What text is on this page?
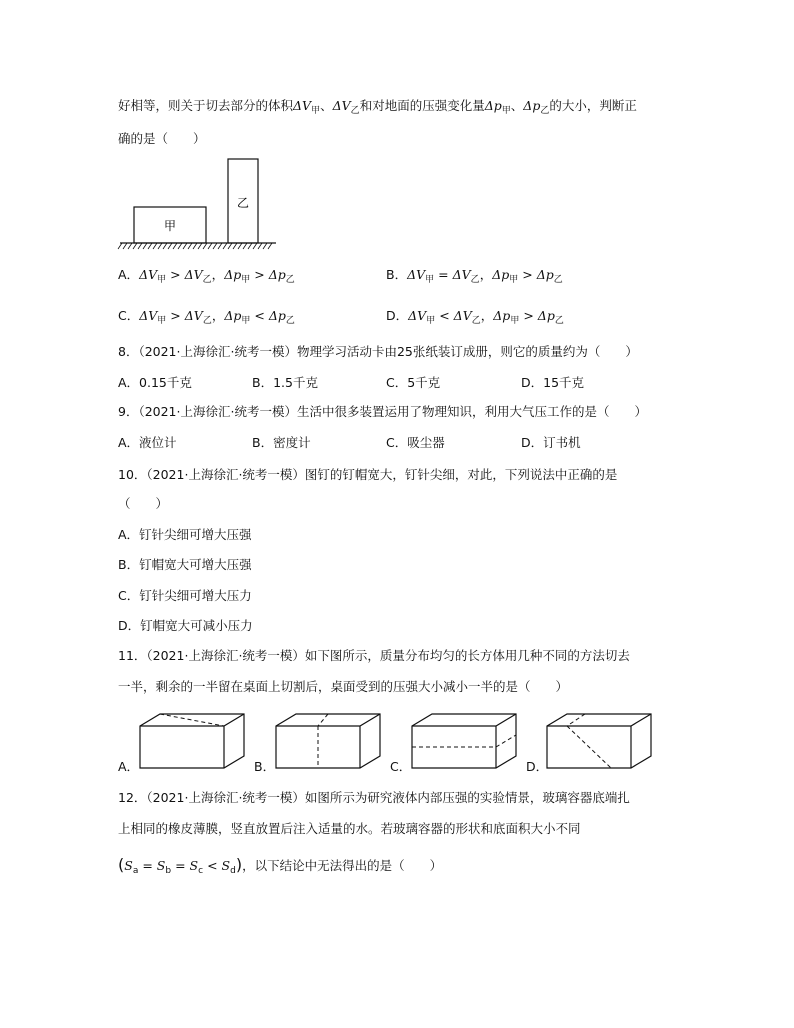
好相等，则关于切去部分的体积$\Delta V_甲$、$\Delta V_乙$和对地面的压强变化量$\Delta p_甲$、$\Delta p_乙$的大小，判断正
确的是（　　）
甲
乙
A．$\Delta V_甲 > \Delta V_乙$，$\Delta p_甲 > \Delta p_乙$	B．$\Delta V_甲 = \Delta V_乙$，$\Delta p_甲 > \Delta p_乙$
C．$\Delta V_甲 > \Delta V_乙$，$\Delta p_甲 < \Delta p_乙$	D．$\Delta V_甲 < \Delta V_乙$，$\Delta p_甲 > \Delta p_乙$
8．（2021·上海徐汇·统考一模）物理学习活动卡由25张纸装订成册，则它的质量约为（　　）
A．0.15千克	B．1.5千克	C．5千克	D．15千克
9．（2021·上海徐汇·统考一模）生活中很多装置运用了物理知识，利用大气压工作的是（　　）
A．液位计	B．密度计	C．吸尘器	D．订书机
10．（2021·上海徐汇·统考一模）图钉的钉帽宽大，钉针尖细，对此，下列说法中正确的是
（　　）
A．钉针尖细可增大压强
B．钉帽宽大可增大压强
C．钉针尖细可增大压力
D．钉帽宽大可减小压力
11．（2021·上海徐汇·统考一模）如下图所示，质量分布均匀的长方体用几种不同的方法切去
一半，剩余的一半留在桌面上切割后，桌面受到的压强大小减小一半的是（　　）
A．	B．	C．	D．
12．（2021·上海徐汇·统考一模）如图所示为研究液体内部压强的实验情景，玻璃容器底端扎
上相同的橡皮薄膜，竖直放置后注入适量的水。若玻璃容器的形状和底面积大小不同
$(S_a = S_b = S_c < S_d)$，以下结论中无法得出的是（　　）
